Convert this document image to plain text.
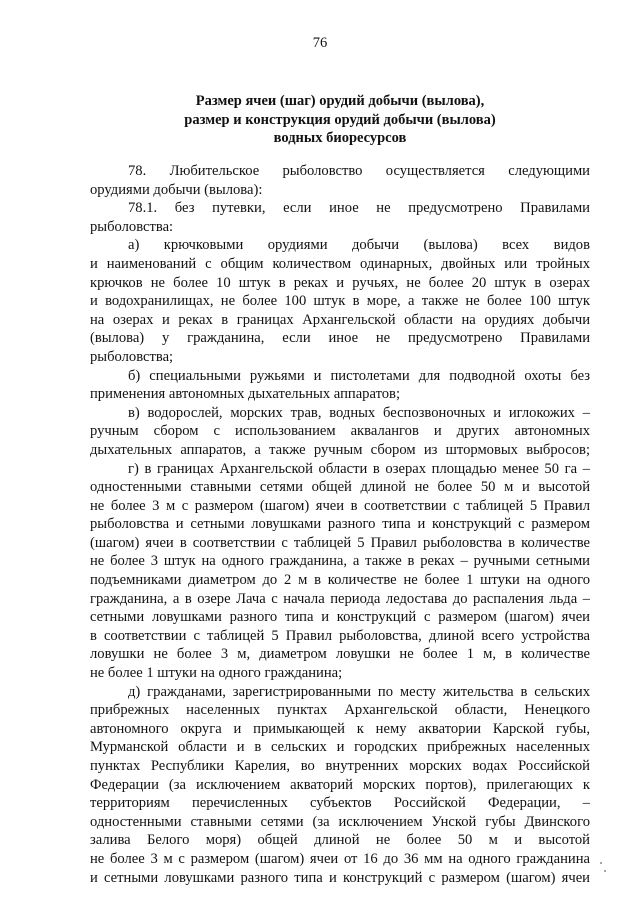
76
Размер ячеи (шаг) орудий добычи (вылова),
размер и конструкция орудий добычи (вылова)
водных биоресурсов
78. Любительское рыболовство осуществляется следующими
орудиями добычи (вылова):
78.1. без путевки, если иное не предусмотрено Правилами
рыболовства:
а) крючковыми орудиями добычи (вылова) всех видов
и наименований с общим количеством одинарных, двойных или тройных
крючков не более 10 штук в реках и ручьях, не более 20 штук в озерах
и водохранилищах, не более 100 штук в море, а также не более 100 штук
на озерах и реках в границах Архангельской области на орудиях добычи
(вылова) у гражданина, если иное не предусмотрено Правилами
рыболовства;
б) специальными ружьями и пистолетами для подводной охоты без
применения автономных дыхательных аппаратов;
в) водорослей, морских трав, водных беспозвоночных и иглокожих –
ручным сбором с использованием аквалангов и других автономных
дыхательных аппаратов, а также ручным сбором из штормовых выбросов;
г) в границах Архангельской области в озерах площадью менее 50 га –
одностенными ставными сетями общей длиной не более 50 м и высотой
не более 3 м с размером (шагом) ячеи в соответствии с таблицей 5 Правил
рыболовства и сетными ловушками разного типа и конструкций с размером
(шагом) ячеи в соответствии с таблицей 5 Правил рыболовства в количестве
не более 3 штук на одного гражданина, а также в реках – ручными сетными
подъемниками диаметром до 2 м в количестве не более 1 штуки на одного
гражданина, а в озере Лача с начала периода ледостава до распаления льда –
сетными ловушками разного типа и конструкций с размером (шагом) ячеи
в соответствии с таблицей 5 Правил рыболовства, длиной всего устройства
ловушки не более 3 м, диаметром ловушки не более 1 м, в количестве
не более 1 штуки на одного гражданина;
д) гражданами, зарегистрированными по месту жительства в сельских
прибрежных населенных пунктах Архангельской области, Ненецкого
автономного округа и примыкающей к нему акватории Карской губы,
Мурманской области и в сельских и городских прибрежных населенных
пунктах Республики Карелия, во внутренних морских водах Российской
Федерации (за исключением акваторий морских портов), прилегающих к
территориям перечисленных субъектов Российской Федерации, –
одностенными ставными сетями (за исключением Унской губы Двинского
залива Белого моря) общей длиной не более 50 м и высотой
не более 3 м с размером (шагом) ячеи от 16 до 36 мм на одного гражданина
и сетными ловушками разного типа и конструкций с размером (шагом) ячеи
